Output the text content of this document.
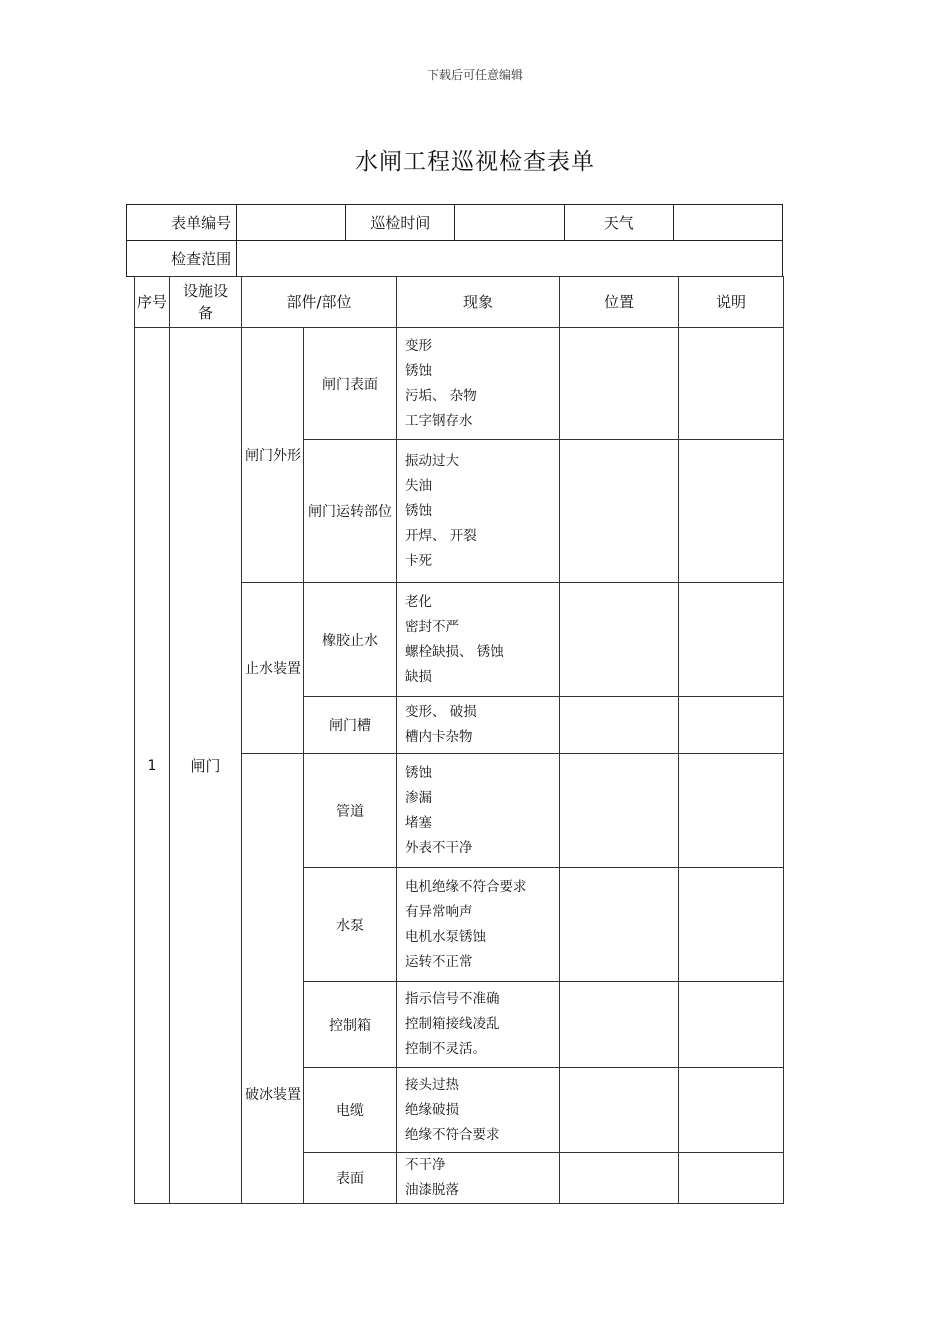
下载后可任意编辑
水闸工程巡视检查表单
表单编号		巡检时间		天气	
检查范围					
序号	设施设
备	部件/部位		现象	位置	说明
1	闸门	闸门外形	闸门表面	变形
锈蚀
污垢、 杂物
工字钢存水		

			闸门运转部位	振动过大
失油
锈蚀
开焊、 开裂
卡死		

		止水装置	橡胶止水	老化
密封不严
螺栓缺损、 锈蚀
缺损		

			闸门槽	变形、 破损
槽内卡杂物		

		破冰装置	管道	锈蚀
渗漏
堵塞
外表不干净		

			水泵	电机绝缘不符合要求
有异常响声
电机水泵锈蚀
运转不正常		

			控制箱	指示信号不准确
控制箱接线凌乱
控制不灵活。		

			电缆	接头过热
绝缘破损
绝缘不符合要求		

			表面	不干净
油漆脱落		
